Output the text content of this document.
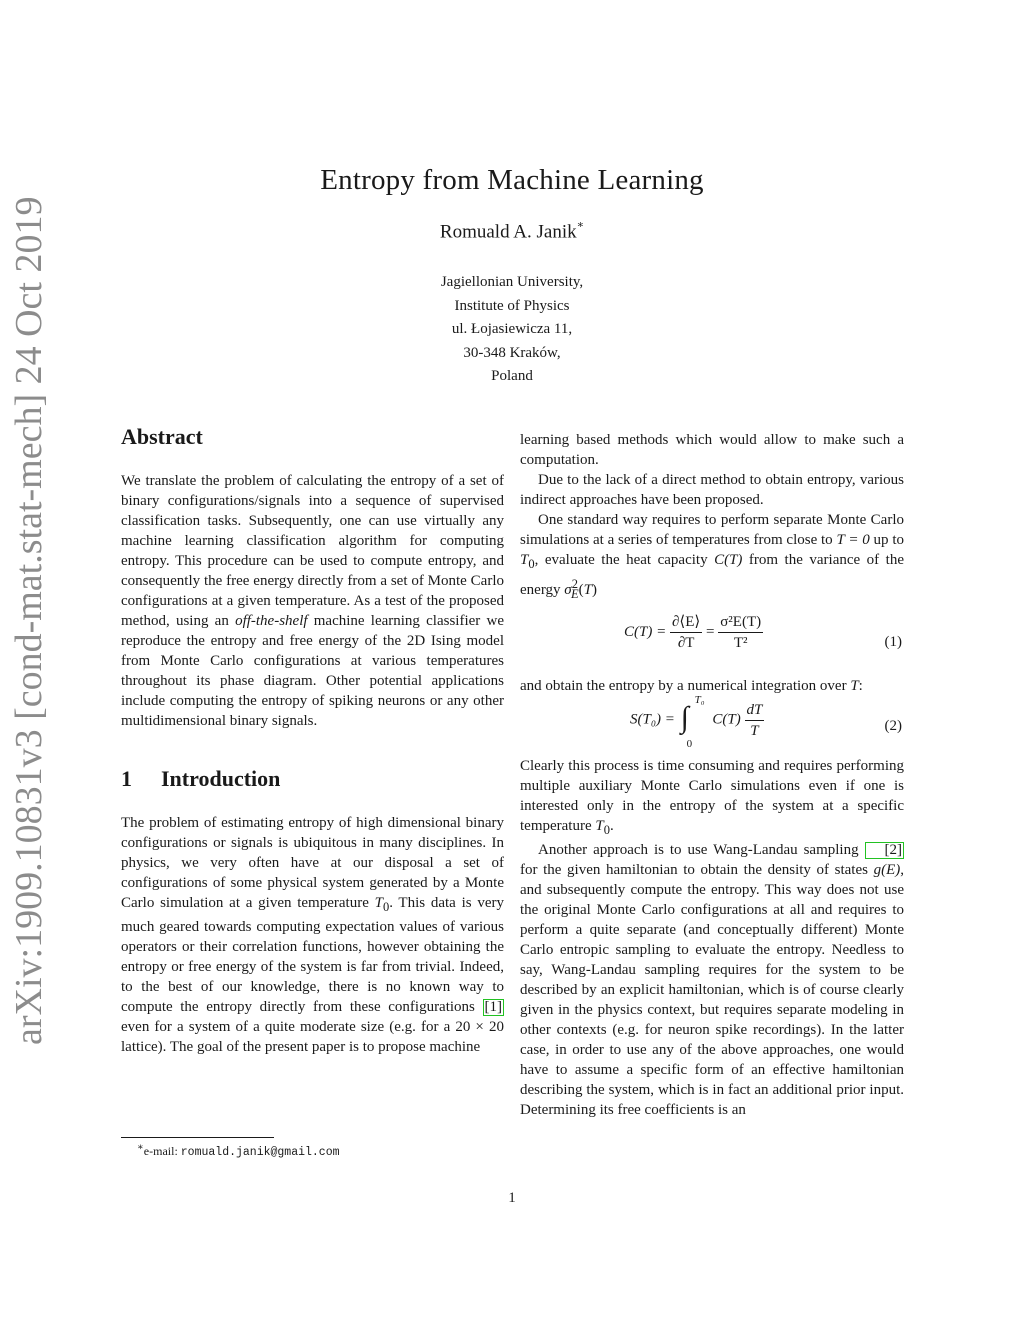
arXiv:1909.10831v3 [cond-mat.stat-mech] 24 Oct 2019
Entropy from Machine Learning
Romuald A. Janik∗
Jagiellonian University,
Institute of Physics
ul. Łojasiewicza 11,
30-348 Kraków,
Poland
Abstract

We translate the problem of calculating the entropy of a set of binary configurations/signals into a sequence of supervised classification tasks. Subsequently, one can use virtually any machine learning classification algorithm for computing entropy. This procedure can be used to compute entropy, and consequently the free energy directly from a set of Monte Carlo configurations at a given temperature. As a test of the proposed method, using an off-the-shelf machine learning classifier we reproduce the entropy and free energy of the 2D Ising model from Monte Carlo configurations at various temperatures throughout its phase diagram. Other potential applications include computing the entropy of spiking neurons or any other multidimensional binary signals.

1 Introduction

The problem of estimating entropy of high dimensional binary configurations or signals is ubiquitous in many disciplines. In physics, we very often have at our disposal a set of configurations of some physical system generated by a Monte Carlo simulation at a given temperature $T_0$. This data is very much geared towards computing expectation values of various operators or their correlation functions, however obtaining the entropy or free energy of the system is far from trivial. Indeed, to the best of our knowledge, there is no known way to compute the entropy directly from these configurations [1] even for a system of a quite moderate size (e.g. for a 20 × 20 lattice). The goal of the present paper is to propose machine

learning based methods which would allow to make such a computation.

Due to the lack of a direct method to obtain entropy, various indirect approaches have been proposed.

One standard way requires to perform separate Monte Carlo simulations at a series of temperatures from close to T = 0 up to $T_0$, evaluate the heat capacity C(T) from the variance of the energy $\sigma^2_E(T)$

$C(T) = \frac{\partial⟨E⟩}{\partial T} = \frac{\text{σ²E(T)}}{\text{T²}}$	(1)

and obtain the entropy by a numerical integration over T:

S(T₀) = ∫
T₀
0
$C(T) \frac{dT}{T}$	(2)

Clearly this process is time consuming and requires performing multiple auxiliary Monte Carlo simulations even if one is interested only in the entropy of the system at a specific temperature $T_0$.

Another approach is to use Wang-Landau sampling [2] for the given hamiltonian to obtain the density of states g(E), and subsequently compute the entropy. This way does not use the original Monte Carlo configurations at all and requires to perform a quite separate (and conceptually different) Monte Carlo entropic sampling to evaluate the entropy. Needless to say, Wang-Landau sampling requires for the system to be described by an explicit hamiltonian, which is of course clearly given in the physics context, but requires separate modeling in other contexts (e.g. for neuron spike recordings). In the latter case, in order to use any of the above approaches, one would have to assume a specific form of an effective hamiltonian describing the system, which is in fact an additional prior input. Determining its free coefficients is an

∗e-mail: romuald.janik@gmail.com
1
